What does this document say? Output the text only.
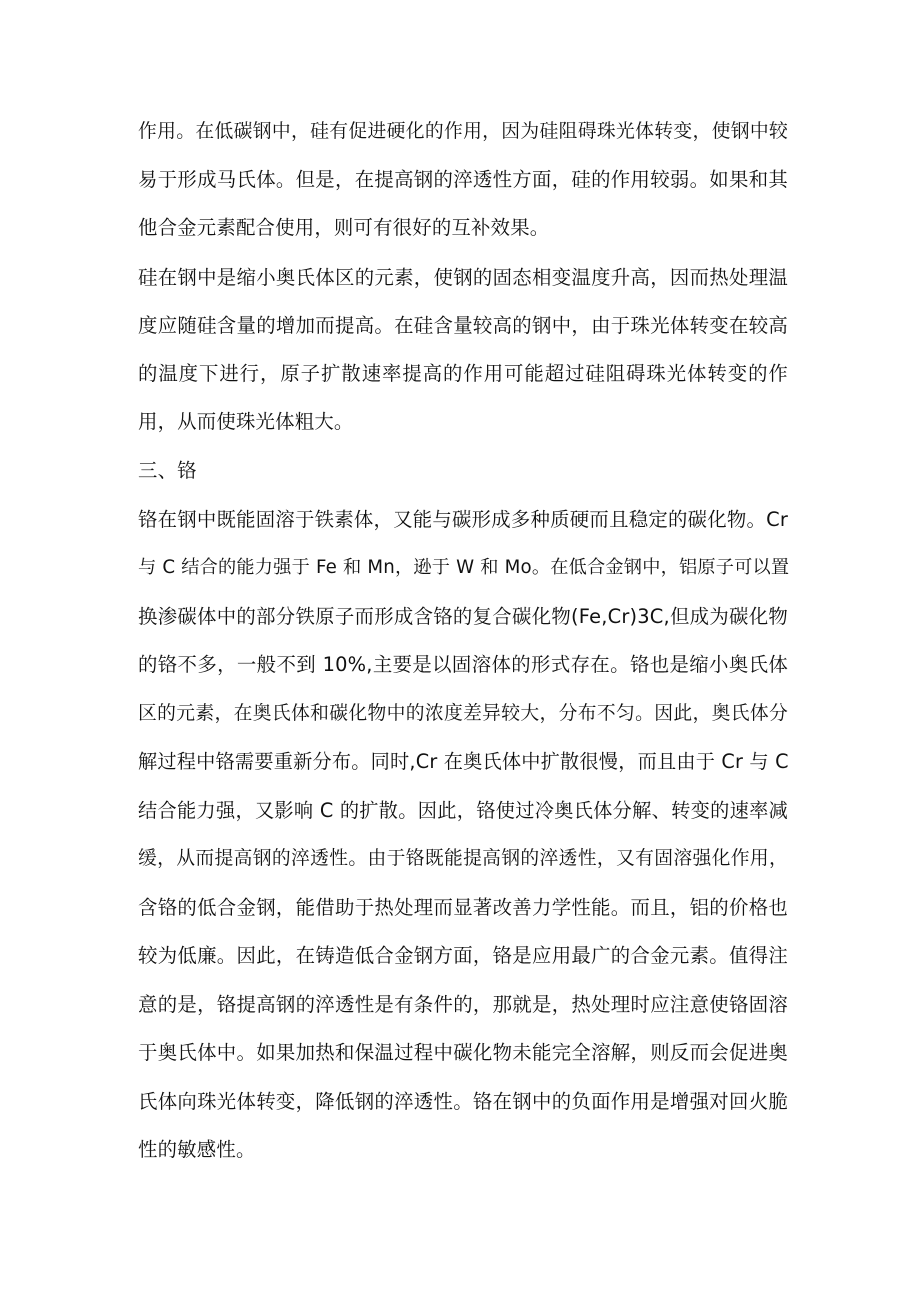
作用。在低碳钢中，硅有促进硬化的作用，因为硅阻碍珠光体转变，使钢中较
易于形成马氏体。但是，在提高钢的淬透性方面，硅的作用较弱。如果和其
他合金元素配合使用，则可有很好的互补效果。
硅在钢中是缩小奥氏体区的元素，使钢的固态相变温度升高，因而热处理温
度应随硅含量的增加而提高。在硅含量较高的钢中，由于珠光体转变在较高
的温度下进行，原子扩散速率提高的作用可能超过硅阻碍珠光体转变的作
用，从而使珠光体粗大。
三、铬
铬在钢中既能固溶于铁素体，又能与碳形成多种质硬而且稳定的碳化物。Cr
与 C 结合的能力强于 Fe 和 Mn，逊于 W 和 Mo。在低合金钢中，铝原子可以置
换渗碳体中的部分铁原子而形成含铬的复合碳化物(Fe,Cr)3C,但成为碳化物
的铬不多，一般不到 10%,主要是以固溶体的形式存在。铬也是缩小奥氏体
区的元素，在奥氏体和碳化物中的浓度差异较大，分布不匀。因此，奥氏体分
解过程中铬需要重新分布。同时,Cr 在奥氏体中扩散很慢，而且由于 Cr 与 C
结合能力强，又影响 C 的扩散。因此，铬使过冷奥氏体分解、转变的速率减
缓，从而提高钢的淬透性。由于铬既能提高钢的淬透性，又有固溶强化作用，
含铬的低合金钢，能借助于热处理而显著改善力学性能。而且，铝的价格也
较为低廉。因此，在铸造低合金钢方面，铬是应用最广的合金元素。值得注
意的是，铬提高钢的淬透性是有条件的，那就是，热处理时应注意使铬固溶
于奥氏体中。如果加热和保温过程中碳化物未能完全溶解，则反而会促进奥
氏体向珠光体转变，降低钢的淬透性。铬在钢中的负面作用是增强对回火脆
性的敏感性。
